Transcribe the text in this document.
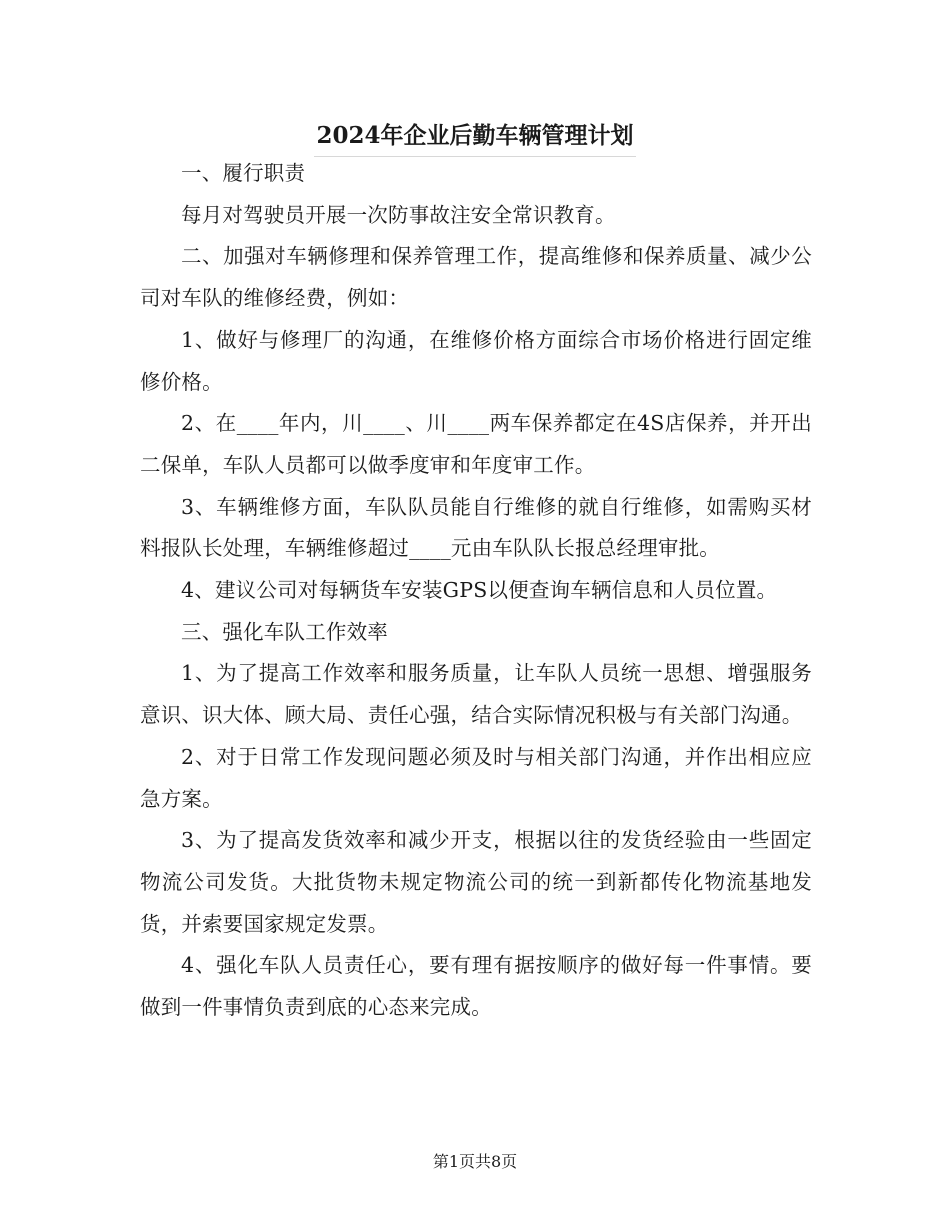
2024年企业后勤车辆管理计划

一、履行职责

每月对驾驶员开展一次防事故注安全常识教育。

二、加强对车辆修理和保养管理工作，提高维修和保养质量、减少公司对车队的维修经费，例如：

1、做好与修理厂的沟通，在维修价格方面综合市场价格进行固定维修价格。

2、在____年内，川____、川____两车保养都定在4S店保养，并开出二保单，车队人员都可以做季度审和年度审工作。

3、车辆维修方面，车队队员能自行维修的就自行维修，如需购买材料报队长处理，车辆维修超过____元由车队队长报总经理审批。

4、建议公司对每辆货车安装GPS以便查询车辆信息和人员位置。

三、强化车队工作效率

1、为了提高工作效率和服务质量，让车队人员统一思想、增强服务意识、识大体、顾大局、责任心强，结合实际情况积极与有关部门沟通。

2、对于日常工作发现问题必须及时与相关部门沟通，并作出相应应急方案。

3、为了提高发货效率和减少开支，根据以往的发货经验由一些固定物流公司发货。大批货物未规定物流公司的统一到新都传化物流基地发货，并索要国家规定发票。

4、强化车队人员责任心，要有理有据按顺序的做好每一件事情。要做到一件事情负责到底的心态来完成。

第1页共8页
